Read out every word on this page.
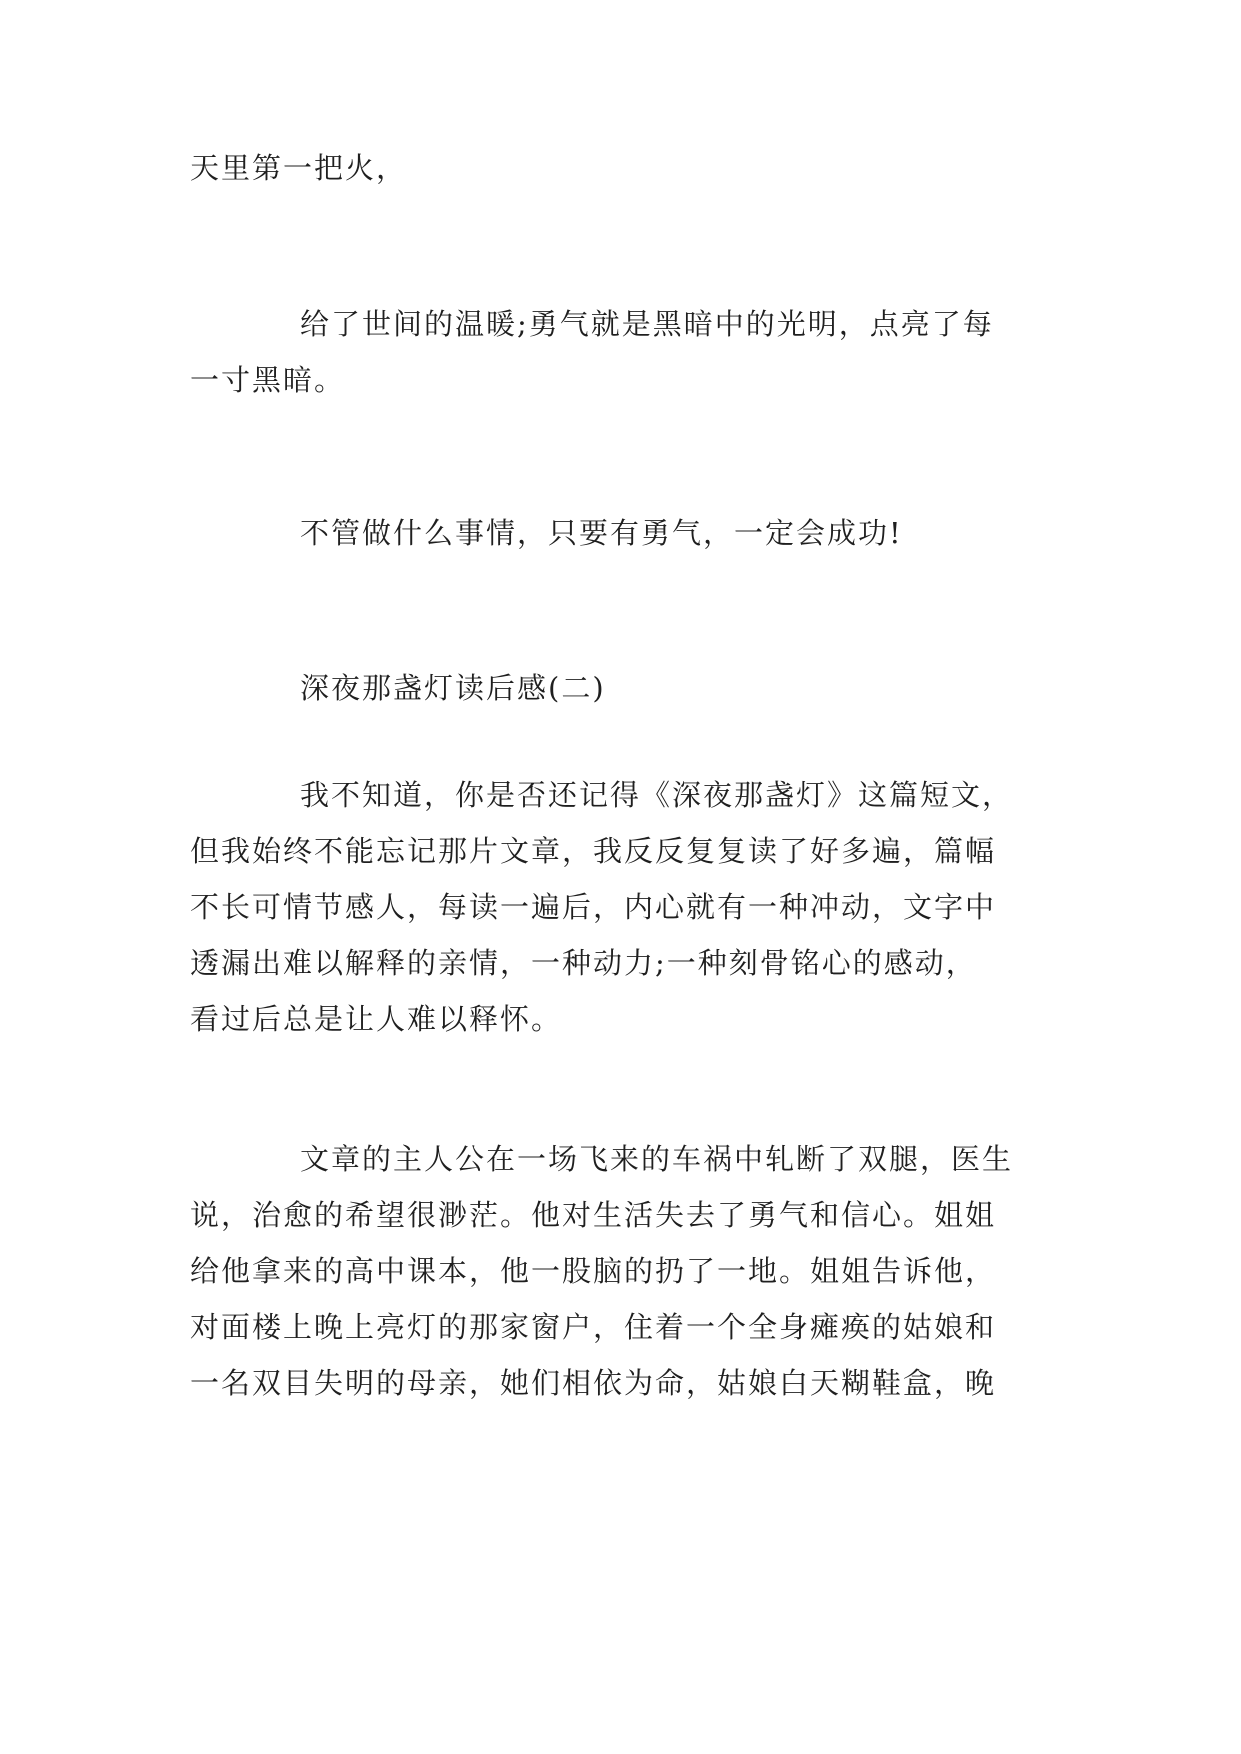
天里第一把火，

给了世间的温暖;勇气就是黑暗中的光明，点亮了每
一寸黑暗。

不管做什么事情，只要有勇气，一定会成功!

深夜那盏灯读后感(二)

我不知道，你是否还记得《深夜那盏灯》这篇短文，
但我始终不能忘记那片文章，我反反复复读了好多遍，篇幅
不长可情节感人，每读一遍后，内心就有一种冲动，文字中
透漏出难以解释的亲情，一种动力;一种刻骨铭心的感动，
看过后总是让人难以释怀。

文章的主人公在一场飞来的车祸中轧断了双腿，医生
说，治愈的希望很渺茫。他对生活失去了勇气和信心。姐姐
给他拿来的高中课本，他一股脑的扔了一地。姐姐告诉他，
对面楼上晚上亮灯的那家窗户，住着一个全身瘫痪的姑娘和
一名双目失明的母亲，她们相依为命，姑娘白天糊鞋盒，晚
